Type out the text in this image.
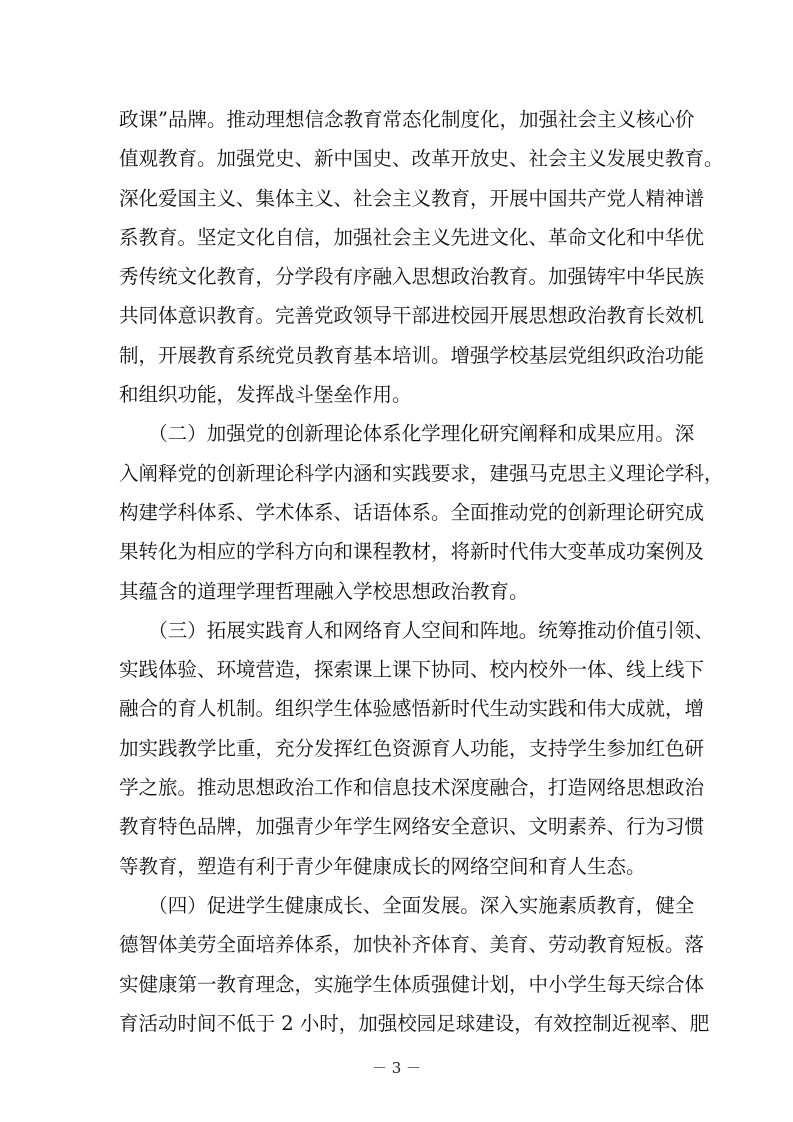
政课”品牌。推动理想信念教育常态化制度化，加强社会主义核心价
值观教育。加强党史、新中国史、改革开放史、社会主义发展史教育。
深化爱国主义、集体主义、社会主义教育，开展中国共产党人精神谱
系教育。坚定文化自信，加强社会主义先进文化、革命文化和中华优
秀传统文化教育，分学段有序融入思想政治教育。加强铸牢中华民族
共同体意识教育。完善党政领导干部进校园开展思想政治教育长效机
制，开展教育系统党员教育基本培训。增强学校基层党组织政治功能
和组织功能，发挥战斗堡垒作用。
　　（二）加强党的创新理论体系化学理化研究阐释和成果应用。深
入阐释党的创新理论科学内涵和实践要求，建强马克思主义理论学科，
构建学科体系、学术体系、话语体系。全面推动党的创新理论研究成
果转化为相应的学科方向和课程教材，将新时代伟大变革成功案例及
其蕴含的道理学理哲理融入学校思想政治教育。
　　（三）拓展实践育人和网络育人空间和阵地。统筹推动价值引领、
实践体验、环境营造，探索课上课下协同、校内校外一体、线上线下
融合的育人机制。组织学生体验感悟新时代生动实践和伟大成就，增
加实践教学比重，充分发挥红色资源育人功能，支持学生参加红色研
学之旅。推动思想政治工作和信息技术深度融合，打造网络思想政治
教育特色品牌，加强青少年学生网络安全意识、文明素养、行为习惯
等教育，塑造有利于青少年健康成长的网络空间和育人生态。
　　（四）促进学生健康成长、全面发展。深入实施素质教育，健全
德智体美劳全面培养体系，加快补齐体育、美育、劳动教育短板。落
实健康第一教育理念，实施学生体质强健计划，中小学生每天综合体
育活动时间不低于 2 小时，加强校园足球建设，有效控制近视率、肥
－ 3 －
